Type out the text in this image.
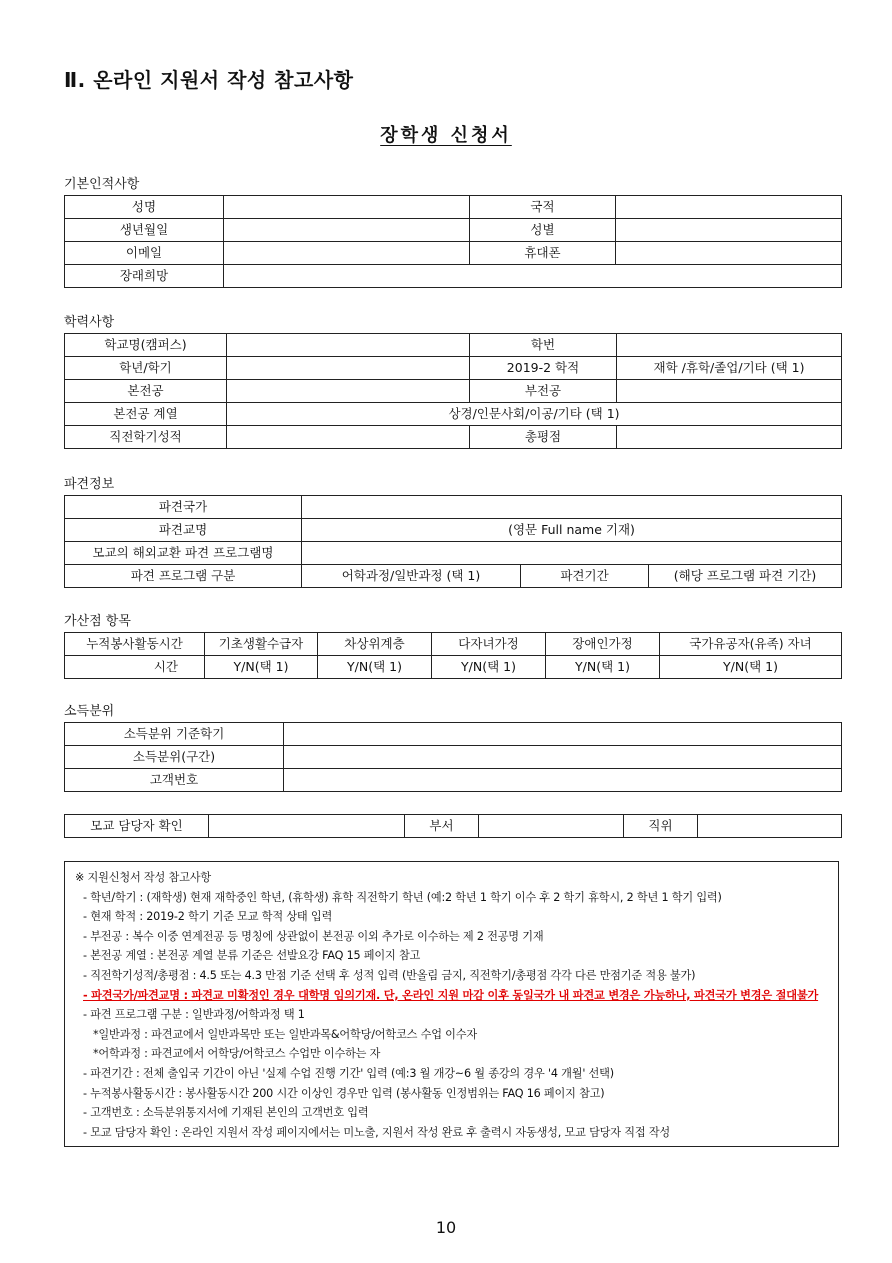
Ⅱ. 온라인 지원서 작성 참고사항
장학생 신청서
기본인적사항
성명		국적	
생년월일		성별	
이메일		휴대폰	
장래희망			
학력사항
학교명(캠퍼스)		학번	
학년/학기		2019-2 학적	재학 /휴학/졸업/기타 (택 1)
본전공		부전공	
본전공 계열	상경/인문사회/이공/기타 (택 1)		
직전학기성적		총평점	
파견정보
파견국가			
파견교명	(영문 Full name 기재)		
모교의 해외교환 파견 프로그램명			
파견 프로그램 구분	어학과정/일반과정 (택 1)	파견기간	(해당 프로그램 파견 기간)
가산점 항목
누적봉사활동시간	기초생활수급자	차상위계층	다자녀가정	장애인가정	국가유공자(유족) 자녀
시간	Y/N(택 1)	Y/N(택 1)	Y/N(택 1)	Y/N(택 1)	Y/N(택 1)
소득분위
소득분위 기준학기	
소득분위(구간)	
고객번호	
모교 담당자 확인		부서		직위	
※ 지원신청서 작성 참고사항
- 학년/학기 : (재학생) 현재 재학중인 학년, (휴학생) 휴학 직전학기 학년 (예:2 학년 1 학기 이수 후 2 학기 휴학시, 2 학년 1 학기 입력)
- 현재 학적 : 2019-2 학기 기준 모교 학적 상태 입력
- 부전공 : 복수 이중 연계전공 등 명칭에 상관없이 본전공 이외 추가로 이수하는 제 2 전공명 기재
- 본전공 계열 : 본전공 계열 분류 기준은 선발요강 FAQ 15 페이지 참고
- 직전학기성적/총평점 : 4.5 또는 4.3 만점 기준 선택 후 성적 입력 (반올림 금지, 직전학기/총평점 각각 다른 만점기준 적용 불가)
- 파견국가/파견교명 : 파견교 미확정인 경우 대학명 임의기재. 단, 온라인 지원 마감 이후 동일국가 내 파견교 변경은 가능하나, 파견국가 변경은 절대불가
- 파견 프로그램 구분 : 일반과정/어학과정 택 1
*일반과정 : 파견교에서 일반과목만 또는 일반과목&어학당/어학코스 수업 이수자
*어학과정 : 파견교에서 어학당/어학코스 수업만 이수하는 자
- 파견기간 : 전체 출입국 기간이 아닌 '실제 수업 진행 기간' 입력 (예:3 월 개강~6 월 종강의 경우 '4 개월' 선택)
- 누적봉사활동시간 : 봉사활동시간 200 시간 이상인 경우만 입력 (봉사활동 인정범위는 FAQ 16 페이지 참고)
- 고객번호 : 소득분위통지서에 기재된 본인의 고객번호 입력
- 모교 담당자 확인 : 온라인 지원서 작성 페이지에서는 미노출, 지원서 작성 완료 후 출력시 자동생성, 모교 담당자 직접 작성
10
